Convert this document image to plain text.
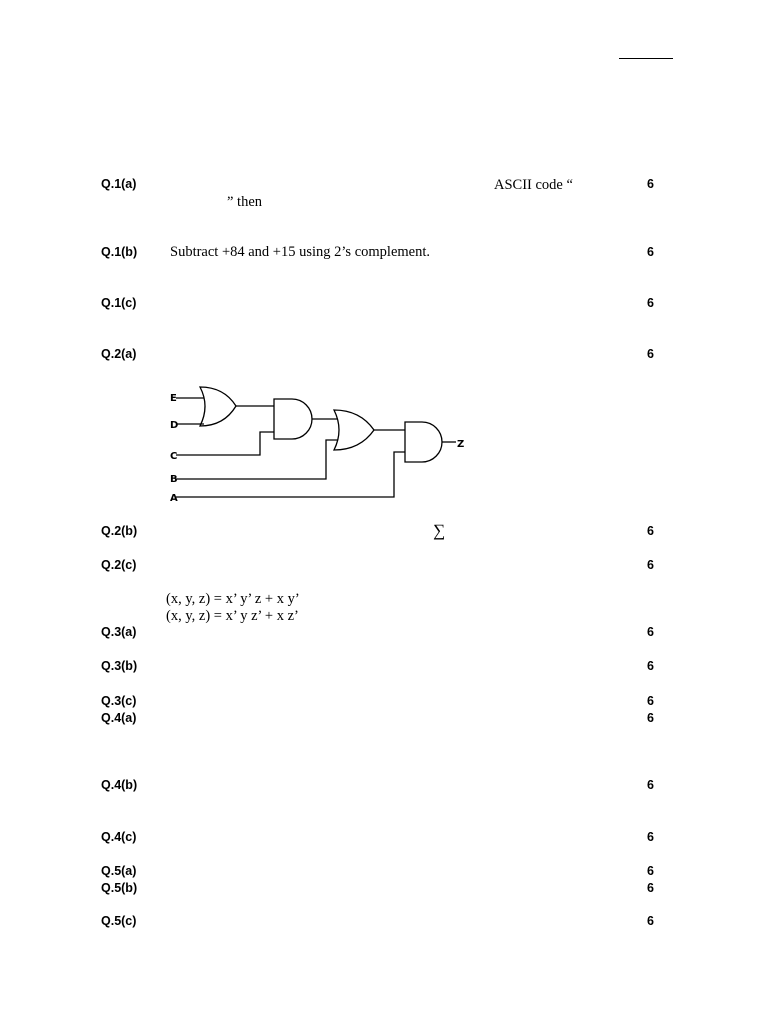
Q.1(a)	ASCII code “
” then
6
Q.1(b) Subtract +84 and +15 using 2’s complement.	6
Q.1(c)	6
Q.2(a)	6
E
D
C
B
A
Z
Q.2(b)	∑	6
Q.2(c)	6
(x, y, z) = x’ y’ z + x y’
(x, y, z) = x’ y z’ + x z’
Q.3(a)	6
Q.3(b)	6
Q.3(c)	6
Q.4(a)	6
Q.4(b)	6
Q.4(c)	6
Q.5(a)	6
Q.5(b)	6
Q.5(c)	6
